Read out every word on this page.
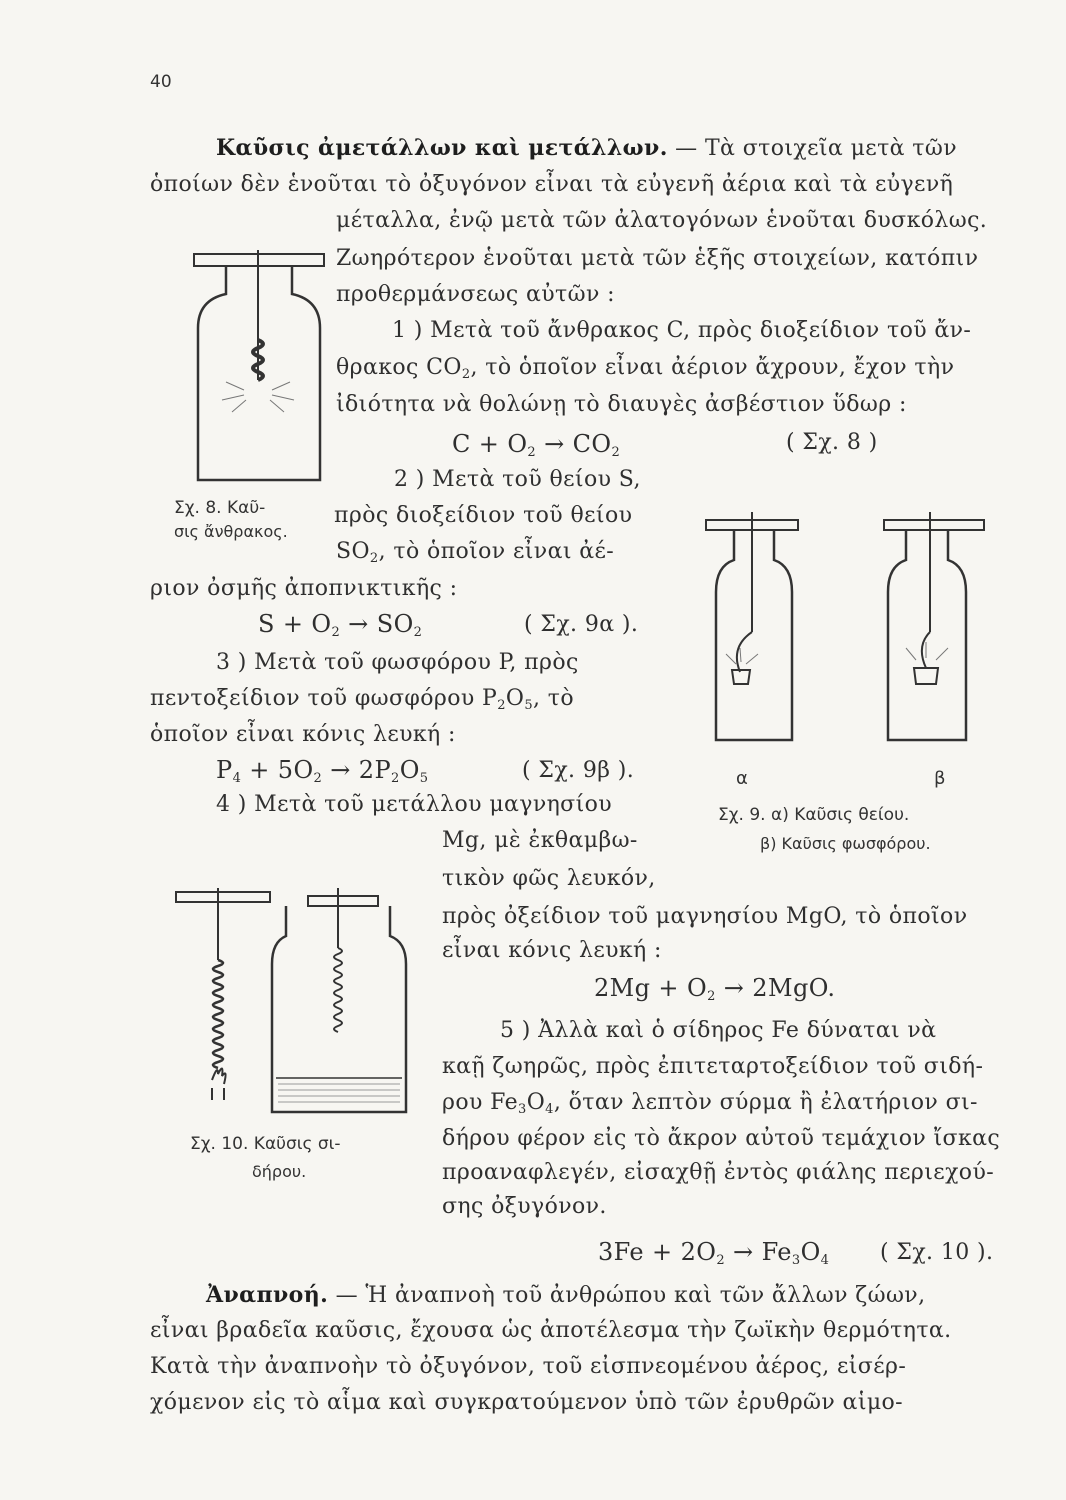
40
Καῦσις ἀμετάλλων καὶ μετάλλων. — Τὰ στοιχεῖα μετὰ τῶν
ὁποίων δὲν ἑνοῦται τὸ ὀξυγόνον εἶναι τὰ εὐγενῆ ἀέρια καὶ τὰ εὐγενῆ
μέταλλα, ἐνῷ μετὰ τῶν ἀλατογόνων ἑνοῦται δυσκόλως.
Ζωηρότερον ἑνοῦται μετὰ τῶν ἑξῆς στοιχείων, κατόπιν
προθερμάνσεως αὐτῶν :
1 ) Μετὰ τοῦ ἄνθρακος C, πρὸς διοξείδιον τοῦ ἄν-
θρακος $CO_2$, τὸ ὁποῖον εἶναι ἀέριον ἄχρουν, ἔχον τὴν
ἰδιότητα νὰ θολώνῃ τὸ διαυγὲς ἀσβέστιον ὕδωρ :
$C + O_2 \to CO_2$	( Σχ. 8 )
Σχ. 8. Καῦ-
σις ἄνθρακος.
2 ) Μετὰ τοῦ θείου S,
πρὸς διοξείδιον τοῦ θείου
$SO_2$, τὸ ὁποῖον εἶναι ἀέ-
ριον ὀσμῆς ἀποπνικτικῆς :
$S + O_2 \to SO_2$	( Σχ. 9α ).
3 ) Μετὰ τοῦ φωσφόρου P, πρὸς
πεντοξείδιον τοῦ φωσφόρου $P_2O_5$, τὸ
ὁποῖον εἶναι κόνις λευκή :
$P_4 + 5O_2 \to 2P_2O_5$	( Σχ. 9β ).	α	β
Σχ. 9. α) Καῦσις θείου.
β) Καῦσις φωσφόρου.
4 ) Μετὰ τοῦ μετάλλου μαγνησίου
Mg, μὲ ἐκθαμβω-
τικὸν φῶς λευκόν,
πρὸς ὀξείδιον τοῦ μαγνησίου MgO, τὸ ὁποῖον
εἶναι κόνις λευκή :
$2Mg + O_2 \to 2MgO$.
Σχ. 10. Καῦσις σι-
δήρου.
5 ) Ἀλλὰ καὶ ὁ σίδηρος Fe δύναται νὰ
καῇ ζωηρῶς, πρὸς ἐπιτεταρτοξείδιον τοῦ σιδή-
ρου $Fe_3O_4$, ὅταν λεπτὸν σύρμα ἢ ἐλατήριον σι-
δήρου φέρον εἰς τὸ ἄκρον αὐτοῦ τεμάχιον ἴσκας
προαναφλεγέν, εἰσαχθῇ ἐντὸς φιάλης περιεχού-
σης ὀξυγόνον.
$3Fe + 2O_2 \to Fe_3O_4$ ( Σχ. 10 ).
Ἀναπνοή. — Ἡ ἀναπνοὴ τοῦ ἀνθρώπου καὶ τῶν ἄλλων ζώων,
εἶναι βραδεῖα καῦσις, ἔχουσα ὡς ἀποτέλεσμα τὴν ζωϊκὴν θερμότητα.
Κατὰ τὴν ἀναπνοὴν τὸ ὀξυγόνον, τοῦ εἰσπνεομένου ἀέρος, εἰσέρ-
χόμενον εἰς τὸ αἷμα καὶ συγκρατούμενον ὑπὸ τῶν ἐρυθρῶν αἱμο-
